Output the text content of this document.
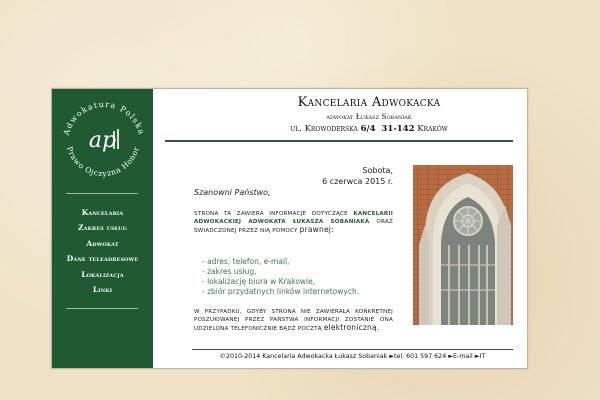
Adwokatura Polska
Prawo Ojczyzna Honor
ap
Kancelaria
Zakres usług
Adwokat
Dane teleadresowe
Lokalizacja
Linki
Kancelaria Adwokacka
adwokat Łukasz Sobaniak
ul. Krowoderska 6/4 31-142 Kraków
Sobota,
6 czerwca 2015 r.
Szanowni Państwo,
STRONA TA ZAWIERA INFORMACJE DOTYCZĄCE KANCELARII ADWOKACKIEJ ADWOKATA ŁUKASZA SOBANIAKA ORAZ ŚWIADCZONEJ PRZEZ NIĄ POMOCY prawnej:
- adres, telefon, e-mail,
- zakres usług,
- lokalizację biura w Krakowie,
- zbiór przydatnych linków internetowych.
W PRZYPADKU, GDYBY STRONA NIE ZAWIERAŁA KONKRETNEJ POSZUKIWANEJ PRZEZ PAŃSTWA INFORMACJI ZOSTANIE ONA UDZIELONA TELEFONICZNIE BĄDŹ POCZTĄ elektroniczną.
©2010-2014 Kancelaria Adwokacka Łukasz Sobaniak ►tel. 601 597 624 ►E-mail ►IT
